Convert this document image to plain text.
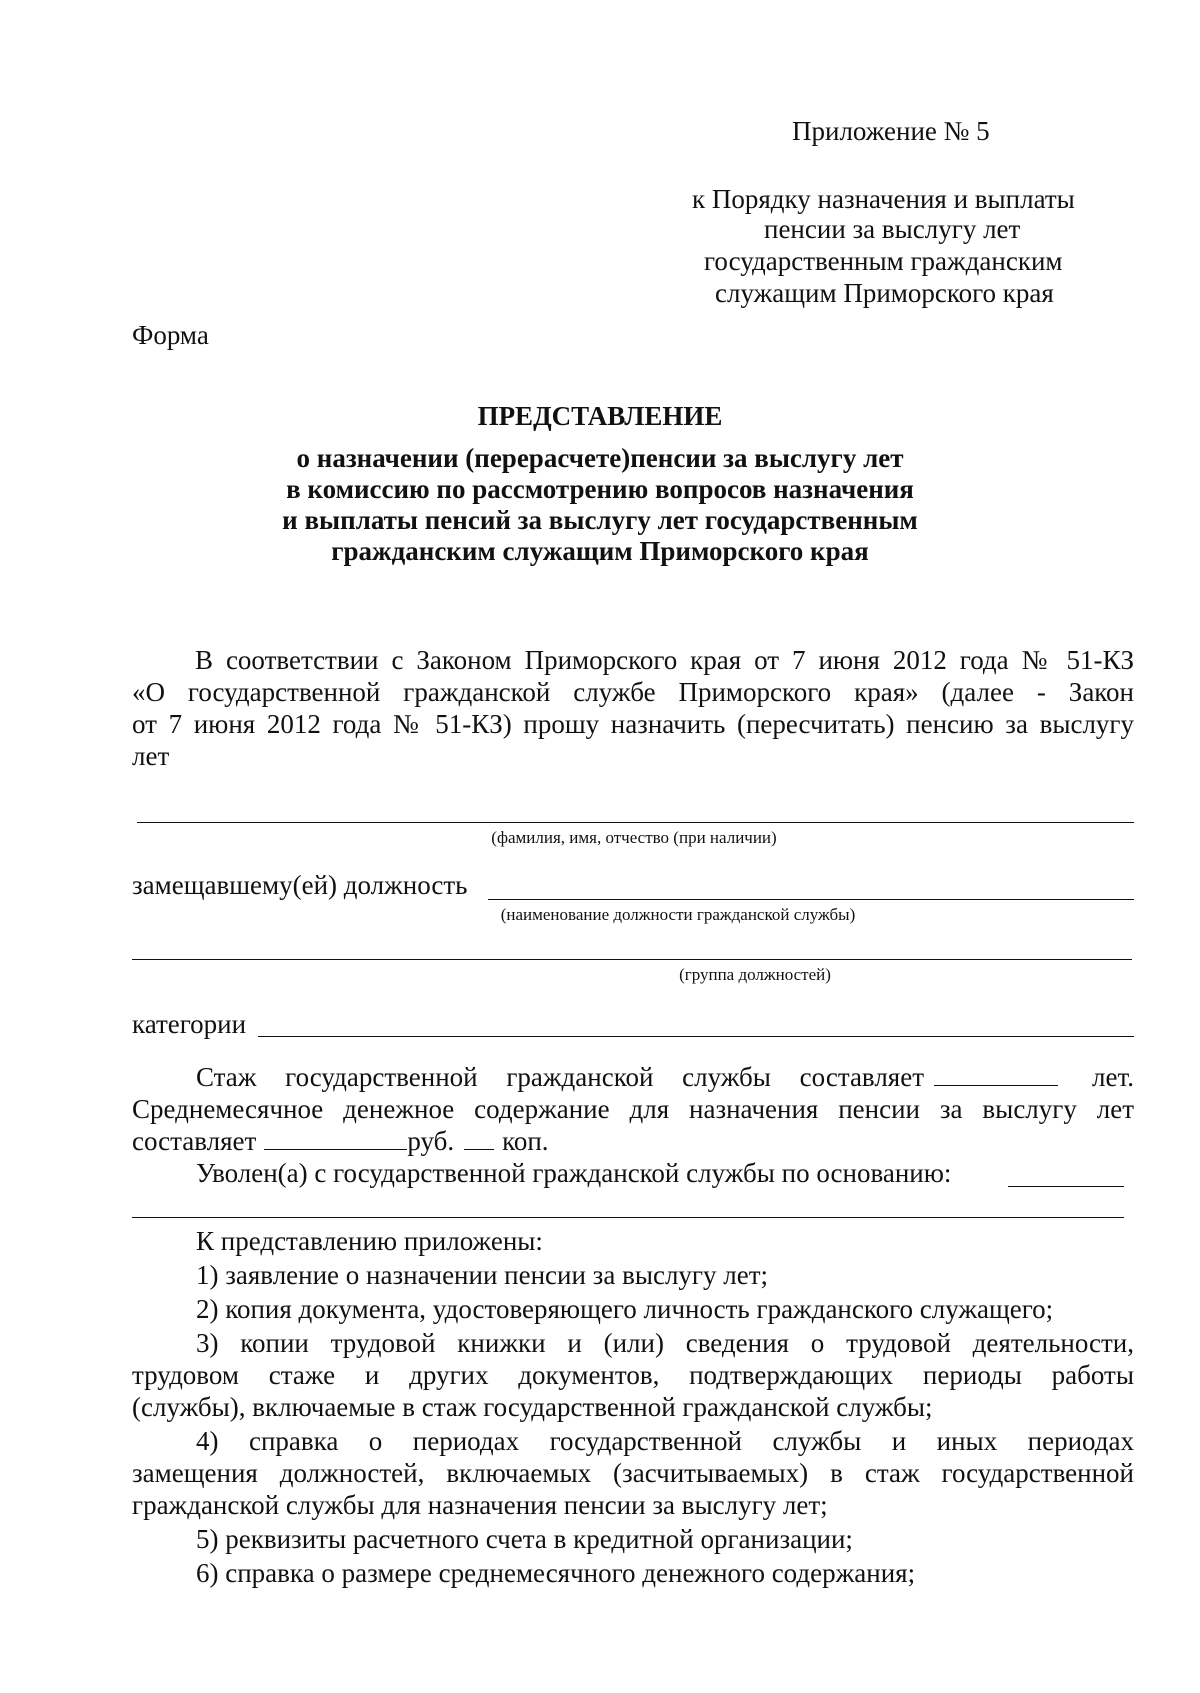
Приложение № 5
к Порядку назначения и выплаты
пенсии за выслугу лет
государственным гражданским
служащим Приморского края
Форма
ПРЕДСТАВЛЕНИЕ
о назначении (перерасчете)пенсии за выслугу лет
в комиссию по рассмотрению вопросов назначения
и выплаты пенсий за выслугу лет государственным
гражданским служащим Приморского края
В соответствии с Законом Приморского края от 7 июня 2012 года № 51-КЗ
«О государственной гражданской службе Приморского края» (далее - Закон
от 7 июня 2012 года № 51-КЗ) прошу назначить (пересчитать) пенсию за выслугу
лет
(фамилия, имя, отчество (при наличии)
замещавшему(ей) должность
(наименование должности гражданской службы)
(группа должностей)
категории
Стаж государственной гражданской службы составляет	лет.
Среднемесячное денежное содержание для назначения пенсии за выслугу лет
составляет	руб. коп.
Уволен(а) с государственной гражданской службы по основанию:
К представлению приложены:
1) заявление о назначении пенсии за выслугу лет;
2) копия документа, удостоверяющего личность гражданского служащего;
3) копии трудовой книжки и (или) сведения о трудовой деятельности,
трудовом стаже и других документов, подтверждающих периоды работы
(службы), включаемые в стаж государственной гражданской службы;
4) справка о периодах государственной службы и иных периодах
замещения должностей, включаемых (засчитываемых) в стаж государственной
гражданской службы для назначения пенсии за выслугу лет;
5) реквизиты расчетного счета в кредитной организации;
6) справка о размере среднемесячного денежного содержания;
